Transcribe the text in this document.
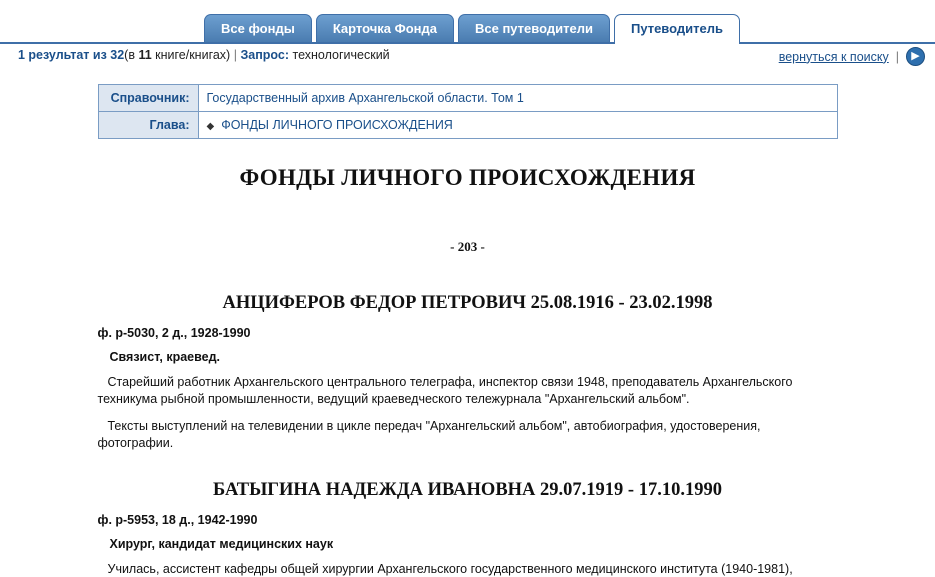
Все фонды	Карточка Фонда	Все путеводители	Путеводитель
1 результат из 32(в 11 книге/книгах) | Запрос: технологический	вернуться к поиску |	▶
Справочник:	Государственный архив Архангельской области. Том 1
Глава:	◆ ФОНДЫ ЛИЧНОГО ПРОИСХОЖДЕНИЯ
ФОНДЫ ЛИЧНОГО ПРОИСХОЖДЕНИЯ
- 203 -
АНЦИФЕРОВ ФЕДОР ПЕТРОВИЧ 25.08.1916 - 23.02.1998
ф. р-5030, 2 д., 1928-1990
Связист, краевед.
Старейший работник Архангельского центрального телеграфа, инспектор связи 1948, преподаватель Архангельского техникума рыбной промышленности, ведущий краеведческого тележурнала "Архангельский альбом".
Тексты выступлений на телевидении в цикле передач "Архангельский альбом", автобиография, удостоверения, фотографии.
БАТЫГИНА НАДЕЖДА ИВАНОВНА 29.07.1919 - 17.10.1990
ф. р-5953, 18 д., 1942-1990
Хирург, кандидат медицинских наук
Училась, ассистент кафедры общей хирургии Архангельского государственного медицинского института (1940-1981),
